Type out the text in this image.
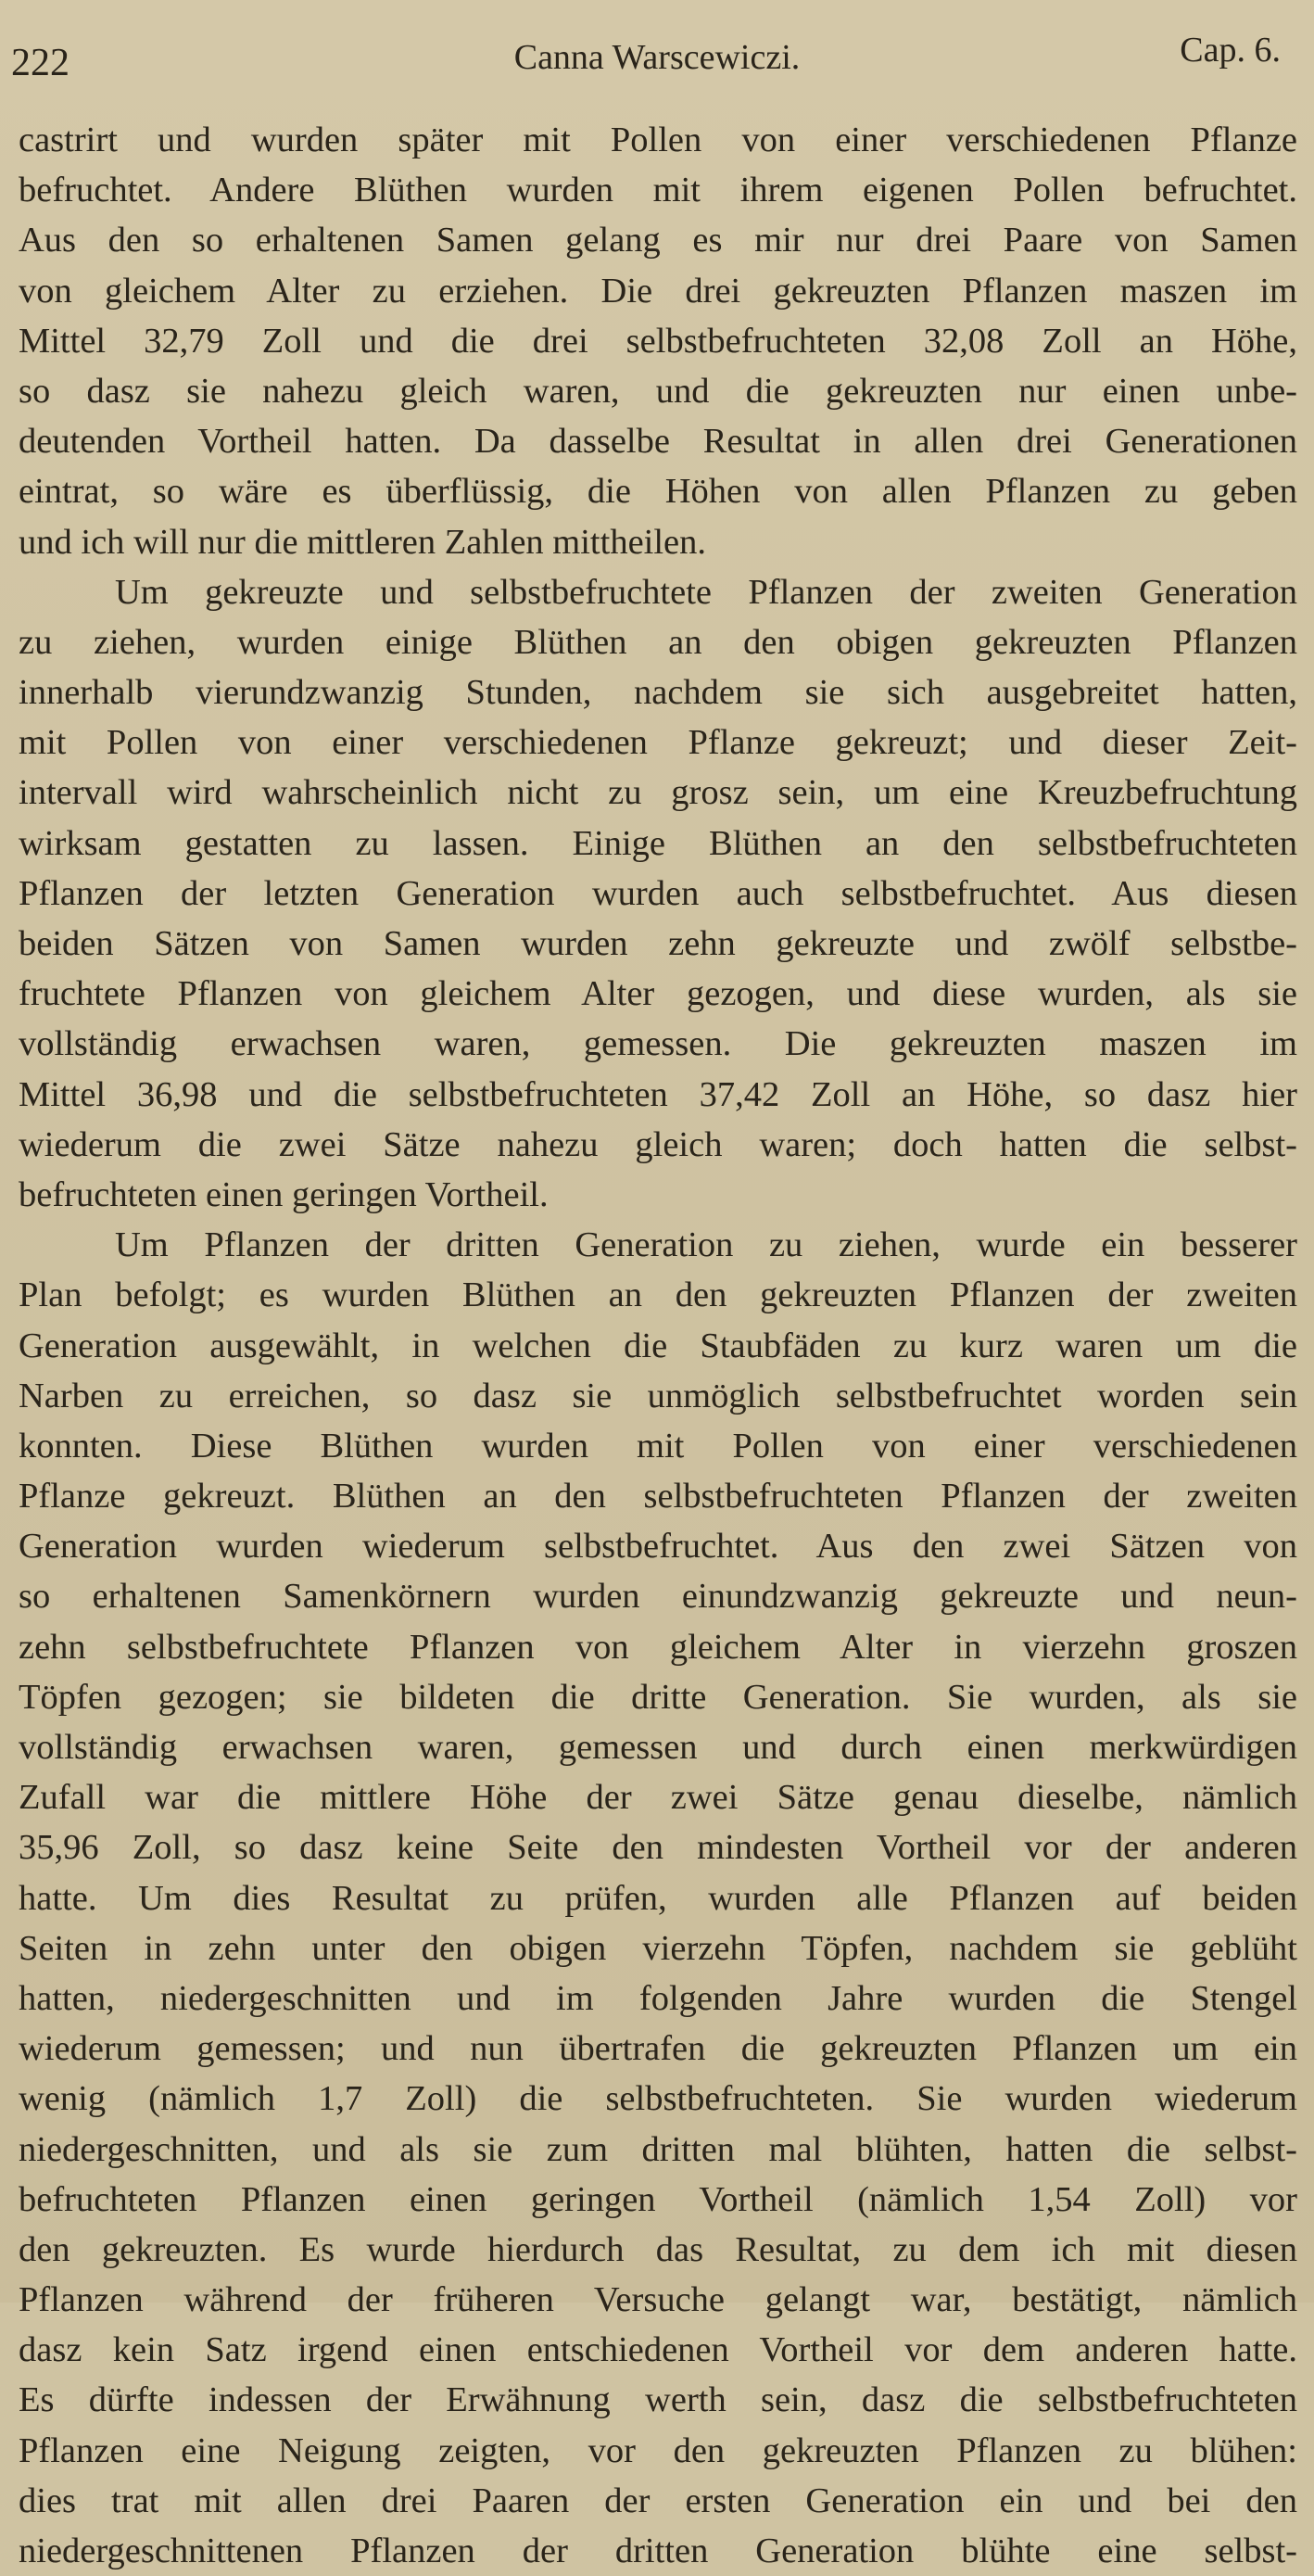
222	Canna Warscewiczi.	Cap. 6.
castrirt und wurden später mit Pollen von einer verschiedenen Pflanze
befruchtet. Andere Blüthen wurden mit ihrem eigenen Pollen befruchtet.
Aus den so erhaltenen Samen gelang es mir nur drei Paare von Samen
von gleichem Alter zu erziehen. Die drei gekreuzten Pflanzen maszen im
Mittel 32,79 Zoll und die drei selbstbefruchteten 32,08 Zoll an Höhe,
so dasz sie nahezu gleich waren, und die gekreuzten nur einen unbe-
deutenden Vortheil hatten. Da dasselbe Resultat in allen drei Generationen
eintrat, so wäre es überflüssig, die Höhen von allen Pflanzen zu geben
und ich will nur die mittleren Zahlen mittheilen.
Um gekreuzte und selbstbefruchtete Pflanzen der zweiten Generation
zu ziehen, wurden einige Blüthen an den obigen gekreuzten Pflanzen
innerhalb vierundzwanzig Stunden, nachdem sie sich ausgebreitet hatten,
mit Pollen von einer verschiedenen Pflanze gekreuzt; und dieser Zeit-
intervall wird wahrscheinlich nicht zu grosz sein, um eine Kreuzbefruchtung
wirksam gestatten zu lassen. Einige Blüthen an den selbstbefruchteten
Pflanzen der letzten Generation wurden auch selbstbefruchtet. Aus diesen
beiden Sätzen von Samen wurden zehn gekreuzte und zwölf selbstbe-
fruchtete Pflanzen von gleichem Alter gezogen, und diese wurden, als sie
vollständig erwachsen waren, gemessen. Die gekreuzten maszen im
Mittel 36,98 und die selbstbefruchteten 37,42 Zoll an Höhe, so dasz hier
wiederum die zwei Sätze nahezu gleich waren; doch hatten die selbst-
befruchteten einen geringen Vortheil.
Um Pflanzen der dritten Generation zu ziehen, wurde ein besserer
Plan befolgt; es wurden Blüthen an den gekreuzten Pflanzen der zweiten
Generation ausgewählt, in welchen die Staubfäden zu kurz waren um die
Narben zu erreichen, so dasz sie unmöglich selbstbefruchtet worden sein
konnten. Diese Blüthen wurden mit Pollen von einer verschiedenen
Pflanze gekreuzt. Blüthen an den selbstbefruchteten Pflanzen der zweiten
Generation wurden wiederum selbstbefruchtet. Aus den zwei Sätzen von
so erhaltenen Samenkörnern wurden einundzwanzig gekreuzte und neun-
zehn selbstbefruchtete Pflanzen von gleichem Alter in vierzehn groszen
Töpfen gezogen; sie bildeten die dritte Generation. Sie wurden, als sie
vollständig erwachsen waren, gemessen und durch einen merkwürdigen
Zufall war die mittlere Höhe der zwei Sätze genau dieselbe, nämlich
35,96 Zoll, so dasz keine Seite den mindesten Vortheil vor der anderen
hatte. Um dies Resultat zu prüfen, wurden alle Pflanzen auf beiden
Seiten in zehn unter den obigen vierzehn Töpfen, nachdem sie geblüht
hatten, niedergeschnitten und im folgenden Jahre wurden die Stengel
wiederum gemessen; und nun übertrafen die gekreuzten Pflanzen um ein
wenig (nämlich 1,7 Zoll) die selbstbefruchteten. Sie wurden wiederum
niedergeschnitten, und als sie zum dritten mal blühten, hatten die selbst-
befruchteten Pflanzen einen geringen Vortheil (nämlich 1,54 Zoll) vor
den gekreuzten. Es wurde hierdurch das Resultat, zu dem ich mit diesen
Pflanzen während der früheren Versuche gelangt war, bestätigt, nämlich
dasz kein Satz irgend einen entschiedenen Vortheil vor dem anderen hatte.
Es dürfte indessen der Erwähnung werth sein, dasz die selbstbefruchteten
Pflanzen eine Neigung zeigten, vor den gekreuzten Pflanzen zu blühen:
dies trat mit allen drei Paaren der ersten Generation ein und bei den
niedergeschnittenen Pflanzen der dritten Generation blühte eine selbst-
